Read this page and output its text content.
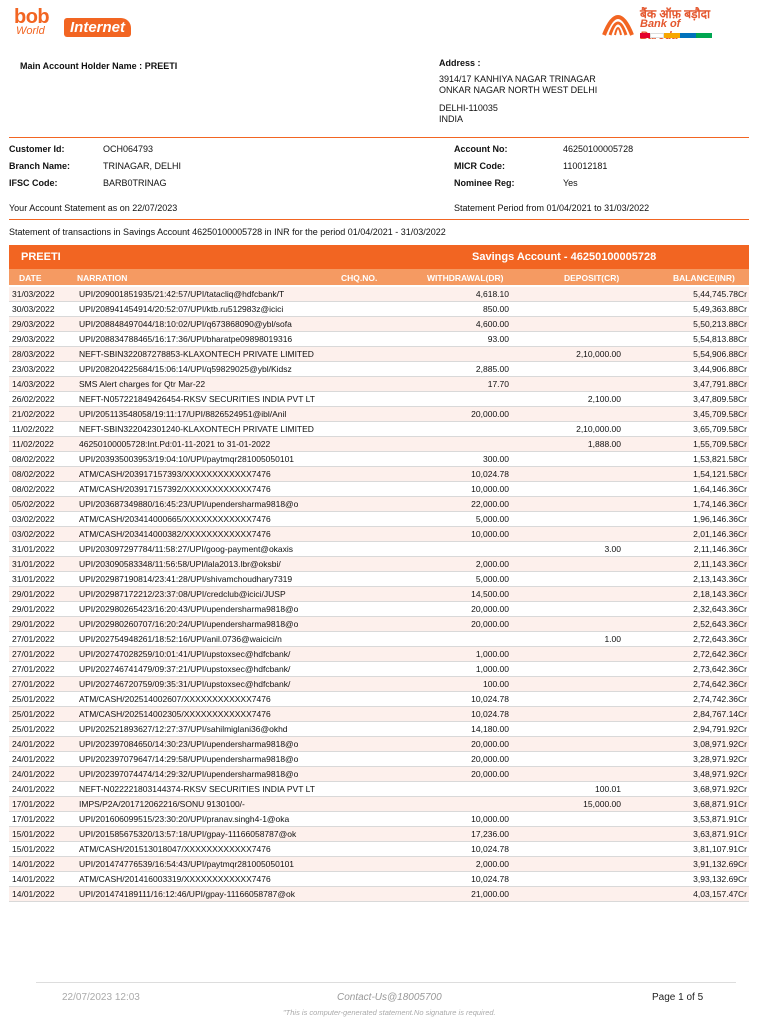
bob
World	Internet
बैंक ऑफ़ बड़ौदा
Bank of
Main Account Holder Name : PREETI	Address :
3914/17 KANHIYA NAGAR TRINAGAR
ONKAR NAGAR NORTH WEST DELHI
DELHI-110035
INDIA
Customer Id:	OCH064793
Branch Name:	TRINAGAR, DELHI
IFSC Code:	BARB0TRINAG
Account No:	46250100005728
MICR Code:	110012181
Nominee Reg:	Yes
Your Account Statement as on 22/07/2023	Statement Period from 01/04/2021 to 31/03/2022
Statement of transactions in Savings Account 46250100005728 in INR for the period 01/04/2021 - 31/03/2022
PREETI	Savings Account - 46250100005728
DATE	NARRATION	CHQ.NO.	WITHDRAWAL(DR)	DEPOSIT(CR)	BALANCE(INR)
31/03/2022	UPI/209001851935/21:42:57/UPI/tatacliq@hdfcbank/T		4,618.10		5,44,745.78Cr
30/03/2022	UPI/208941454914/20:52:07/UPI/ktb.ru512983z@icici		850.00		5,49,363.88Cr
29/03/2022	UPI/208848497044/18:10:02/UPI/q673868090@ybl/sofa		4,600.00		5,50,213.88Cr
29/03/2022	UPI/208834788465/16:17:36/UPI/bharatpe09898019316		93.00		5,54,813.88Cr
28/03/2022	NEFT-SBIN322087278853-KLAXONTECH PRIVATE LIMITED			2,10,000.00	5,54,906.88Cr
23/03/2022	UPI/208204225684/15:06:14/UPI/q59829025@ybl/Kidsz		2,885.00		3,44,906.88Cr
14/03/2022	SMS Alert charges for Qtr Mar-22		17.70		3,47,791.88Cr
26/02/2022	NEFT-N057221849426454-RKSV SECURITIES INDIA PVT LT			2,100.00	3,47,809.58Cr
21/02/2022	UPI/205113548058/19:11:17/UPI/8826524951@ibl/Anil		20,000.00		3,45,709.58Cr
11/02/2022	NEFT-SBIN322042301240-KLAXONTECH PRIVATE LIMITED			2,10,000.00	3,65,709.58Cr
11/02/2022	46250100005728:Int.Pd:01-11-2021 to 31-01-2022			1,888.00	1,55,709.58Cr
08/02/2022	UPI/203935003953/19:04:10/UPI/paytmqr281005050101		300.00		1,53,821.58Cr
08/02/2022	ATM/CASH/203917157393/XXXXXXXXXXXX7476		10,024.78		1,54,121.58Cr
08/02/2022	ATM/CASH/203917157392/XXXXXXXXXXXX7476		10,000.00		1,64,146.36Cr
05/02/2022	UPI/203687349880/16:45:23/UPI/upendersharma9818@o		22,000.00		1,74,146.36Cr
03/02/2022	ATM/CASH/203414000665/XXXXXXXXXXXX7476		5,000.00		1,96,146.36Cr
03/02/2022	ATM/CASH/203414000382/XXXXXXXXXXXX7476		10,000.00		2,01,146.36Cr
31/01/2022	UPI/203097297784/11:58:27/UPI/goog-payment@okaxis			3.00	2,11,146.36Cr
31/01/2022	UPI/203090583348/11:56:58/UPI/lala2013.lbr@oksbi/		2,000.00		2,11,143.36Cr
31/01/2022	UPI/202987190814/23:41:28/UPI/shivamchoudhary7319		5,000.00		2,13,143.36Cr
29/01/2022	UPI/202987172212/23:37:08/UPI/credclub@icici/JUSP		14,500.00		2,18,143.36Cr
29/01/2022	UPI/202980265423/16:20:43/UPI/upendersharma9818@o		20,000.00		2,32,643.36Cr
29/01/2022	UPI/202980260707/16:20:24/UPI/upendersharma9818@o		20,000.00		2,52,643.36Cr
27/01/2022	UPI/202754948261/18:52:16/UPI/anil.0736@waicici/n			1.00	2,72,643.36Cr
27/01/2022	UPI/202747028259/10:01:41/UPI/upstoxsec@hdfcbank/		1,000.00		2,72,642.36Cr
27/01/2022	UPI/202746741479/09:37:21/UPI/upstoxsec@hdfcbank/		1,000.00		2,73,642.36Cr
27/01/2022	UPI/202746720759/09:35:31/UPI/upstoxsec@hdfcbank/		100.00		2,74,642.36Cr
25/01/2022	ATM/CASH/202514002607/XXXXXXXXXXXX7476		10,024.78		2,74,742.36Cr
25/01/2022	ATM/CASH/202514002305/XXXXXXXXXXXX7476		10,024.78		2,84,767.14Cr
25/01/2022	UPI/202521893627/12:27:37/UPI/sahilmiglani36@okhd		14,180.00		2,94,791.92Cr
24/01/2022	UPI/202397084650/14:30:23/UPI/upendersharma9818@o		20,000.00		3,08,971.92Cr
24/01/2022	UPI/202397079647/14:29:58/UPI/upendersharma9818@o		20,000.00		3,28,971.92Cr
24/01/2022	UPI/202397074474/14:29:32/UPI/upendersharma9818@o		20,000.00		3,48,971.92Cr
24/01/2022	NEFT-N022221803144374-RKSV SECURITIES INDIA PVT LT			100.01	3,68,971.92Cr
17/01/2022	IMPS/P2A/201712062216/SONU 9130100/-			15,000.00	3,68,871.91Cr
17/01/2022	UPI/201606099515/23:30:20/UPI/pranav.singh4-1@oka		10,000.00		3,53,871.91Cr
15/01/2022	UPI/201585675320/13:57:18/UPI/gpay-11166058787@ok		17,236.00		3,63,871.91Cr
15/01/2022	ATM/CASH/201513018047/XXXXXXXXXXXX7476		10,024.78		3,81,107.91Cr
14/01/2022	UPI/201474776539/16:54:43/UPI/paytmqr281005050101		2,000.00		3,91,132.69Cr
14/01/2022	ATM/CASH/201416003319/XXXXXXXXXXXX7476		10,024.78		3,93,132.69Cr
14/01/2022	UPI/201474189111/16:12:46/UPI/gpay-11166058787@ok		21,000.00		4,03,157.47Cr
22/07/2023 12:03	Contact-Us@18005700	Page 1 of 5
"This is computer-generated statement.No signature is required.
